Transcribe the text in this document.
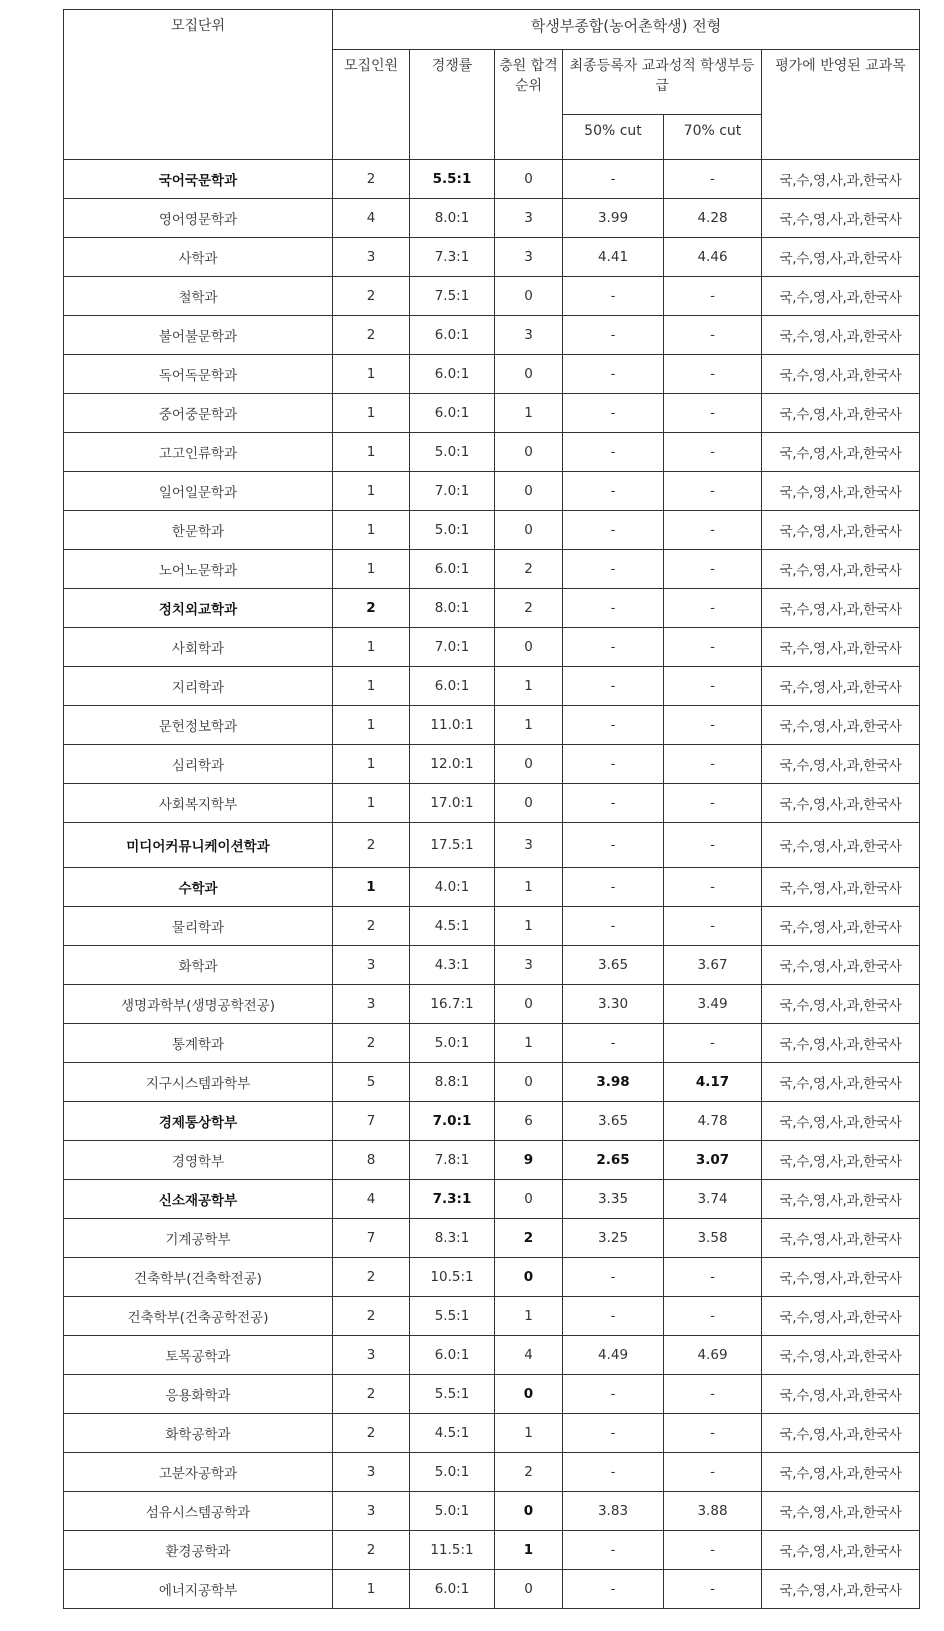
모집단위	학생부종합(농어촌학생) 전형					
	모집인원	경쟁률	충원 합격 순위	최종등록자 교과성적 학생부등급		평가에 반영된 교과목
				50% cut	70% cut	
국어국문학과	2	5.5:1	0	-	-	국,수,영,사,과,한국사
영어영문학과	4	8.0:1	3	3.99	4.28	국,수,영,사,과,한국사
사학과	3	7.3:1	3	4.41	4.46	국,수,영,사,과,한국사
철학과	2	7.5:1	0	-	-	국,수,영,사,과,한국사
불어불문학과	2	6.0:1	3	-	-	국,수,영,사,과,한국사
독어독문학과	1	6.0:1	0	-	-	국,수,영,사,과,한국사
중어중문학과	1	6.0:1	1	-	-	국,수,영,사,과,한국사
고고인류학과	1	5.0:1	0	-	-	국,수,영,사,과,한국사
일어일문학과	1	7.0:1	0	-	-	국,수,영,사,과,한국사
한문학과	1	5.0:1	0	-	-	국,수,영,사,과,한국사
노어노문학과	1	6.0:1	2	-	-	국,수,영,사,과,한국사
정치외교학과	2	8.0:1	2	-	-	국,수,영,사,과,한국사
사회학과	1	7.0:1	0	-	-	국,수,영,사,과,한국사
지리학과	1	6.0:1	1	-	-	국,수,영,사,과,한국사
문헌정보학과	1	11.0:1	1	-	-	국,수,영,사,과,한국사
심리학과	1	12.0:1	0	-	-	국,수,영,사,과,한국사
사회복지학부	1	17.0:1	0	-	-	국,수,영,사,과,한국사
미디어커뮤니케이션학과	2	17.5:1	3	-	-	국,수,영,사,과,한국사
수학과	1	4.0:1	1	-	-	국,수,영,사,과,한국사
물리학과	2	4.5:1	1	-	-	국,수,영,사,과,한국사
화학과	3	4.3:1	3	3.65	3.67	국,수,영,사,과,한국사
생명과학부(생명공학전공)	3	16.7:1	0	3.30	3.49	국,수,영,사,과,한국사
통계학과	2	5.0:1	1	-	-	국,수,영,사,과,한국사
지구시스템과학부	5	8.8:1	0	3.98	4.17	국,수,영,사,과,한국사
경제통상학부	7	7.0:1	6	3.65	4.78	국,수,영,사,과,한국사
경영학부	8	7.8:1	9	2.65	3.07	국,수,영,사,과,한국사
신소재공학부	4	7.3:1	0	3.35	3.74	국,수,영,사,과,한국사
기계공학부	7	8.3:1	2	3.25	3.58	국,수,영,사,과,한국사
건축학부(건축학전공)	2	10.5:1	0	-	-	국,수,영,사,과,한국사
건축학부(건축공학전공)	2	5.5:1	1	-	-	국,수,영,사,과,한국사
토목공학과	3	6.0:1	4	4.49	4.69	국,수,영,사,과,한국사
응용화학과	2	5.5:1	0	-	-	국,수,영,사,과,한국사
화학공학과	2	4.5:1	1	-	-	국,수,영,사,과,한국사
고분자공학과	3	5.0:1	2	-	-	국,수,영,사,과,한국사
섬유시스템공학과	3	5.0:1	0	3.83	3.88	국,수,영,사,과,한국사
환경공학과	2	11.5:1	1	-	-	국,수,영,사,과,한국사
에너지공학부	1	6.0:1	0	-	-	국,수,영,사,과,한국사
